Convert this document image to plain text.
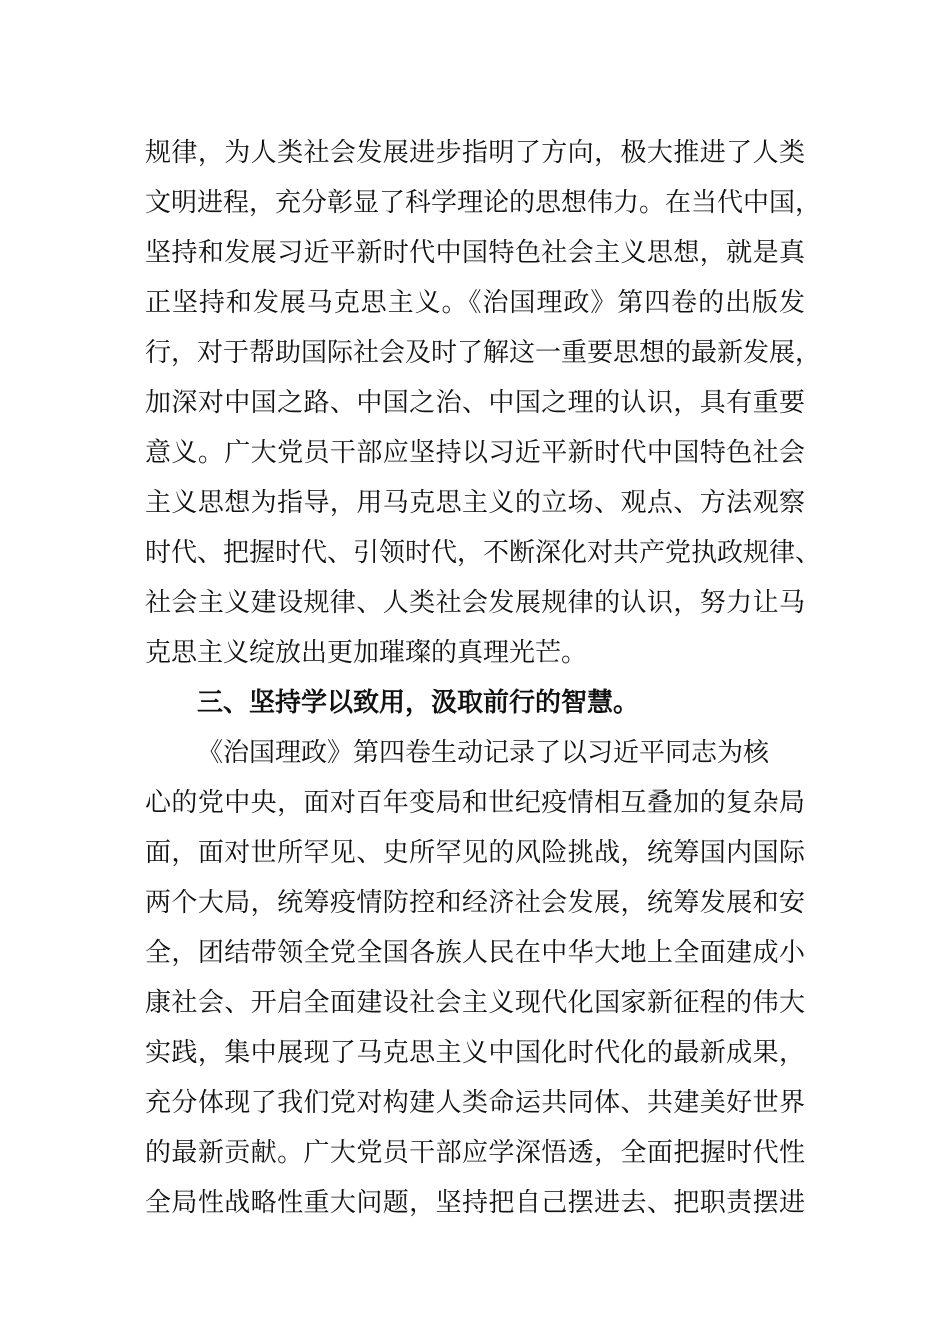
规律，为人类社会发展进步指明了方向，极大推进了人类
文明进程，充分彰显了科学理论的思想伟力。在当代中国，
坚持和发展习近平新时代中国特色社会主义思想，就是真
正坚持和发展马克思主义。《治国理政》第四卷的出版发
行，对于帮助国际社会及时了解这一重要思想的最新发展，
加深对中国之路、中国之治、中国之理的认识，具有重要
意义。广大党员干部应坚持以习近平新时代中国特色社会
主义思想为指导，用马克思主义的立场、观点、方法观察
时代、把握时代、引领时代，不断深化对共产党执政规律、
社会主义建设规律、人类社会发展规律的认识，努力让马
克思主义绽放出更加璀璨的真理光芒。
三、坚持学以致用，汲取前行的智慧。
《治国理政》第四卷生动记录了以习近平同志为核
心的党中央，面对百年变局和世纪疫情相互叠加的复杂局
面，面对世所罕见、史所罕见的风险挑战，统筹国内国际
两个大局，统筹疫情防控和经济社会发展，统筹发展和安
全，团结带领全党全国各族人民在中华大地上全面建成小
康社会、开启全面建设社会主义现代化国家新征程的伟大
实践，集中展现了马克思主义中国化时代化的最新成果，
充分体现了我们党对构建人类命运共同体、共建美好世界
的最新贡献。广大党员干部应学深悟透，全面把握时代性
全局性战略性重大问题，坚持把自己摆进去、把职责摆进
